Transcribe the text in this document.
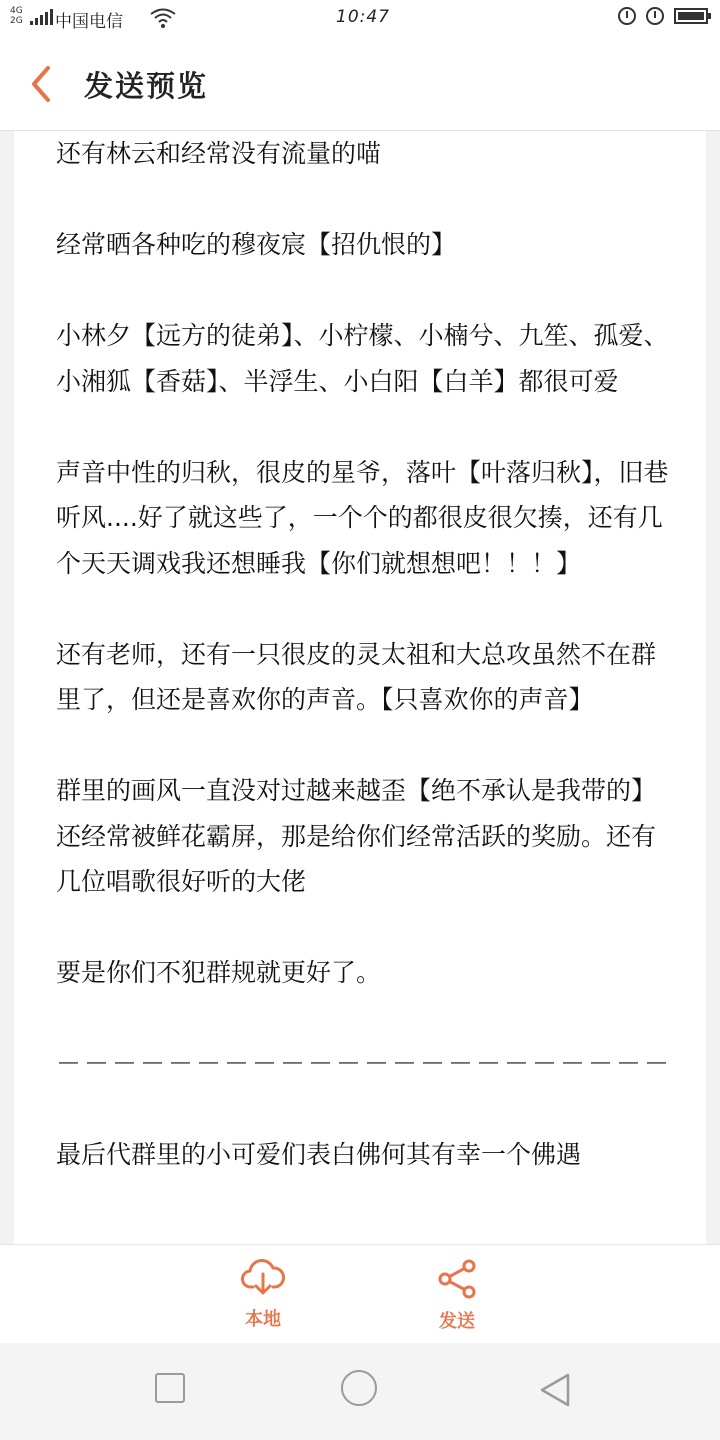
4G
2G 中国电信	10:47
发送预览

还有林云和经常没有流量的喵

经常晒各种吃的穆夜宸【招仇恨的】

小林夕【远方的徒弟】、小柠檬、小楠兮、九笙、孤爱、小湘狐【香菇】、半浮生、小白阳【白羊】都很可爱

声音中性的归秋，很皮的星爷，落叶【叶落归秋】，旧巷听风....好了就这些了，一个个的都很皮很欠揍，还有几个天天调戏我还想睡我【你们就想想吧！！！】

还有老师，还有一只很皮的灵太祖和大总攻虽然不在群里了，但还是喜欢你的声音。【只喜欢你的声音】

群里的画风一直没对过越来越歪【绝不承认是我带的】还经常被鲜花霸屏，那是给你们经常活跃的奖励。还有几位唱歌很好听的大佬

要是你们不犯群规就更好了。

－－－－－－－－－－－－－－－－－－－－－－

最后代群里的小可爱们表白佛何其有幸一个佛遇

本地	发送
